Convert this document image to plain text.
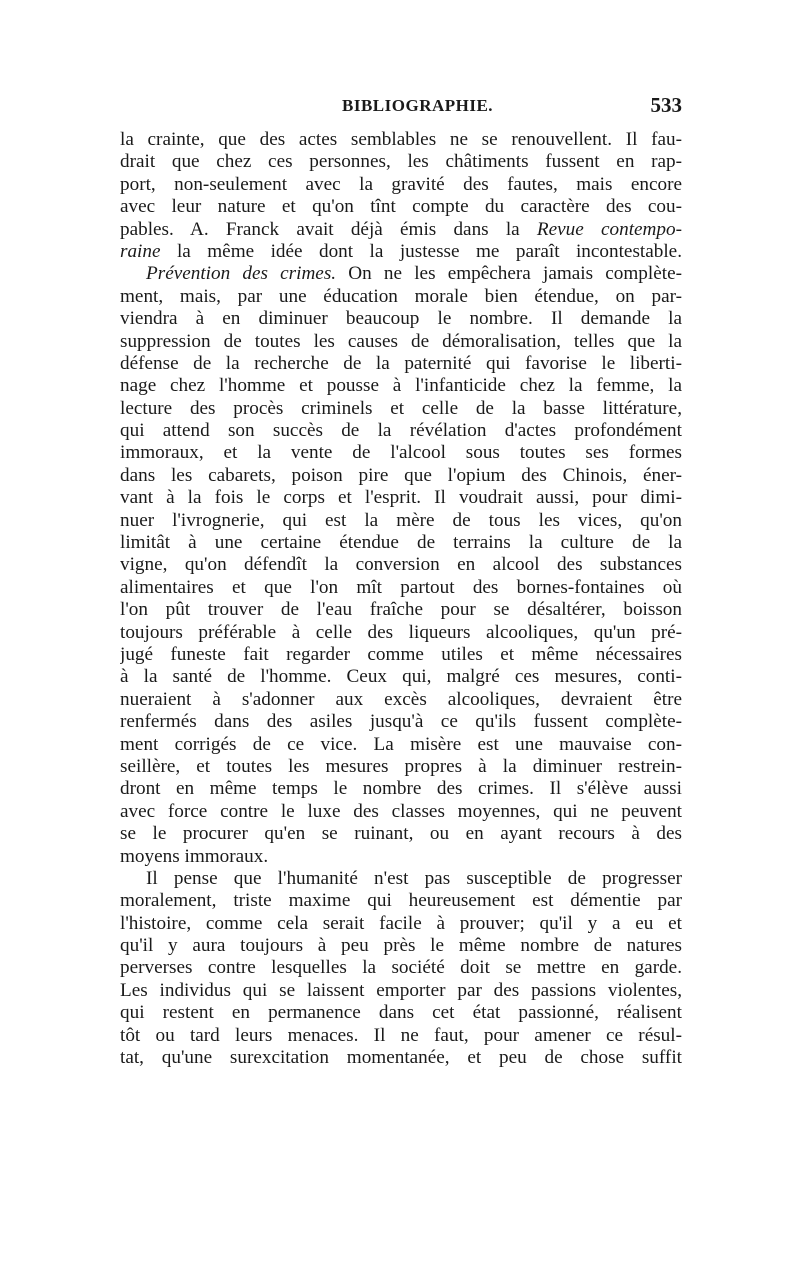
BIBLIOGRAPHIE.	533
la crainte, que des actes semblables ne se renouvellent. Il fau-
drait que chez ces personnes, les châtiments fussent en rap-
port, non-seulement avec la gravité des fautes, mais encore
avec leur nature et qu'on tînt compte du caractère des cou-
pables. A. Franck avait déjà émis dans la Revue contempo-
raine la même idée dont la justesse me paraît incontestable.
Prévention des crimes. On ne les empêchera jamais complète-
ment, mais, par une éducation morale bien étendue, on par-
viendra à en diminuer beaucoup le nombre. Il demande la
suppression de toutes les causes de démoralisation, telles que la
défense de la recherche de la paternité qui favorise le liberti-
nage chez l'homme et pousse à l'infanticide chez la femme, la
lecture des procès criminels et celle de la basse littérature,
qui attend son succès de la révélation d'actes profondément
immoraux, et la vente de l'alcool sous toutes ses formes
dans les cabarets, poison pire que l'opium des Chinois, éner-
vant à la fois le corps et l'esprit. Il voudrait aussi, pour dimi-
nuer l'ivrognerie, qui est la mère de tous les vices, qu'on
limitât à une certaine étendue de terrains la culture de la
vigne, qu'on défendît la conversion en alcool des substances
alimentaires et que l'on mît partout des bornes-fontaines où
l'on pût trouver de l'eau fraîche pour se désaltérer, boisson
toujours préférable à celle des liqueurs alcooliques, qu'un pré-
jugé funeste fait regarder comme utiles et même nécessaires
à la santé de l'homme. Ceux qui, malgré ces mesures, conti-
nueraient à s'adonner aux excès alcooliques, devraient être
renfermés dans des asiles jusqu'à ce qu'ils fussent complète-
ment corrigés de ce vice. La misère est une mauvaise con-
seillère, et toutes les mesures propres à la diminuer restrein-
dront en même temps le nombre des crimes. Il s'élève aussi
avec force contre le luxe des classes moyennes, qui ne peuvent
se le procurer qu'en se ruinant, ou en ayant recours à des
moyens immoraux.
Il pense que l'humanité n'est pas susceptible de progresser
moralement, triste maxime qui heureusement est démentie par
l'histoire, comme cela serait facile à prouver; qu'il y a eu et
qu'il y aura toujours à peu près le même nombre de natures
perverses contre lesquelles la société doit se mettre en garde.
Les individus qui se laissent emporter par des passions violentes,
qui restent en permanence dans cet état passionné, réalisent
tôt ou tard leurs menaces. Il ne faut, pour amener ce résul-
tat, qu'une surexcitation momentanée, et peu de chose suffit
